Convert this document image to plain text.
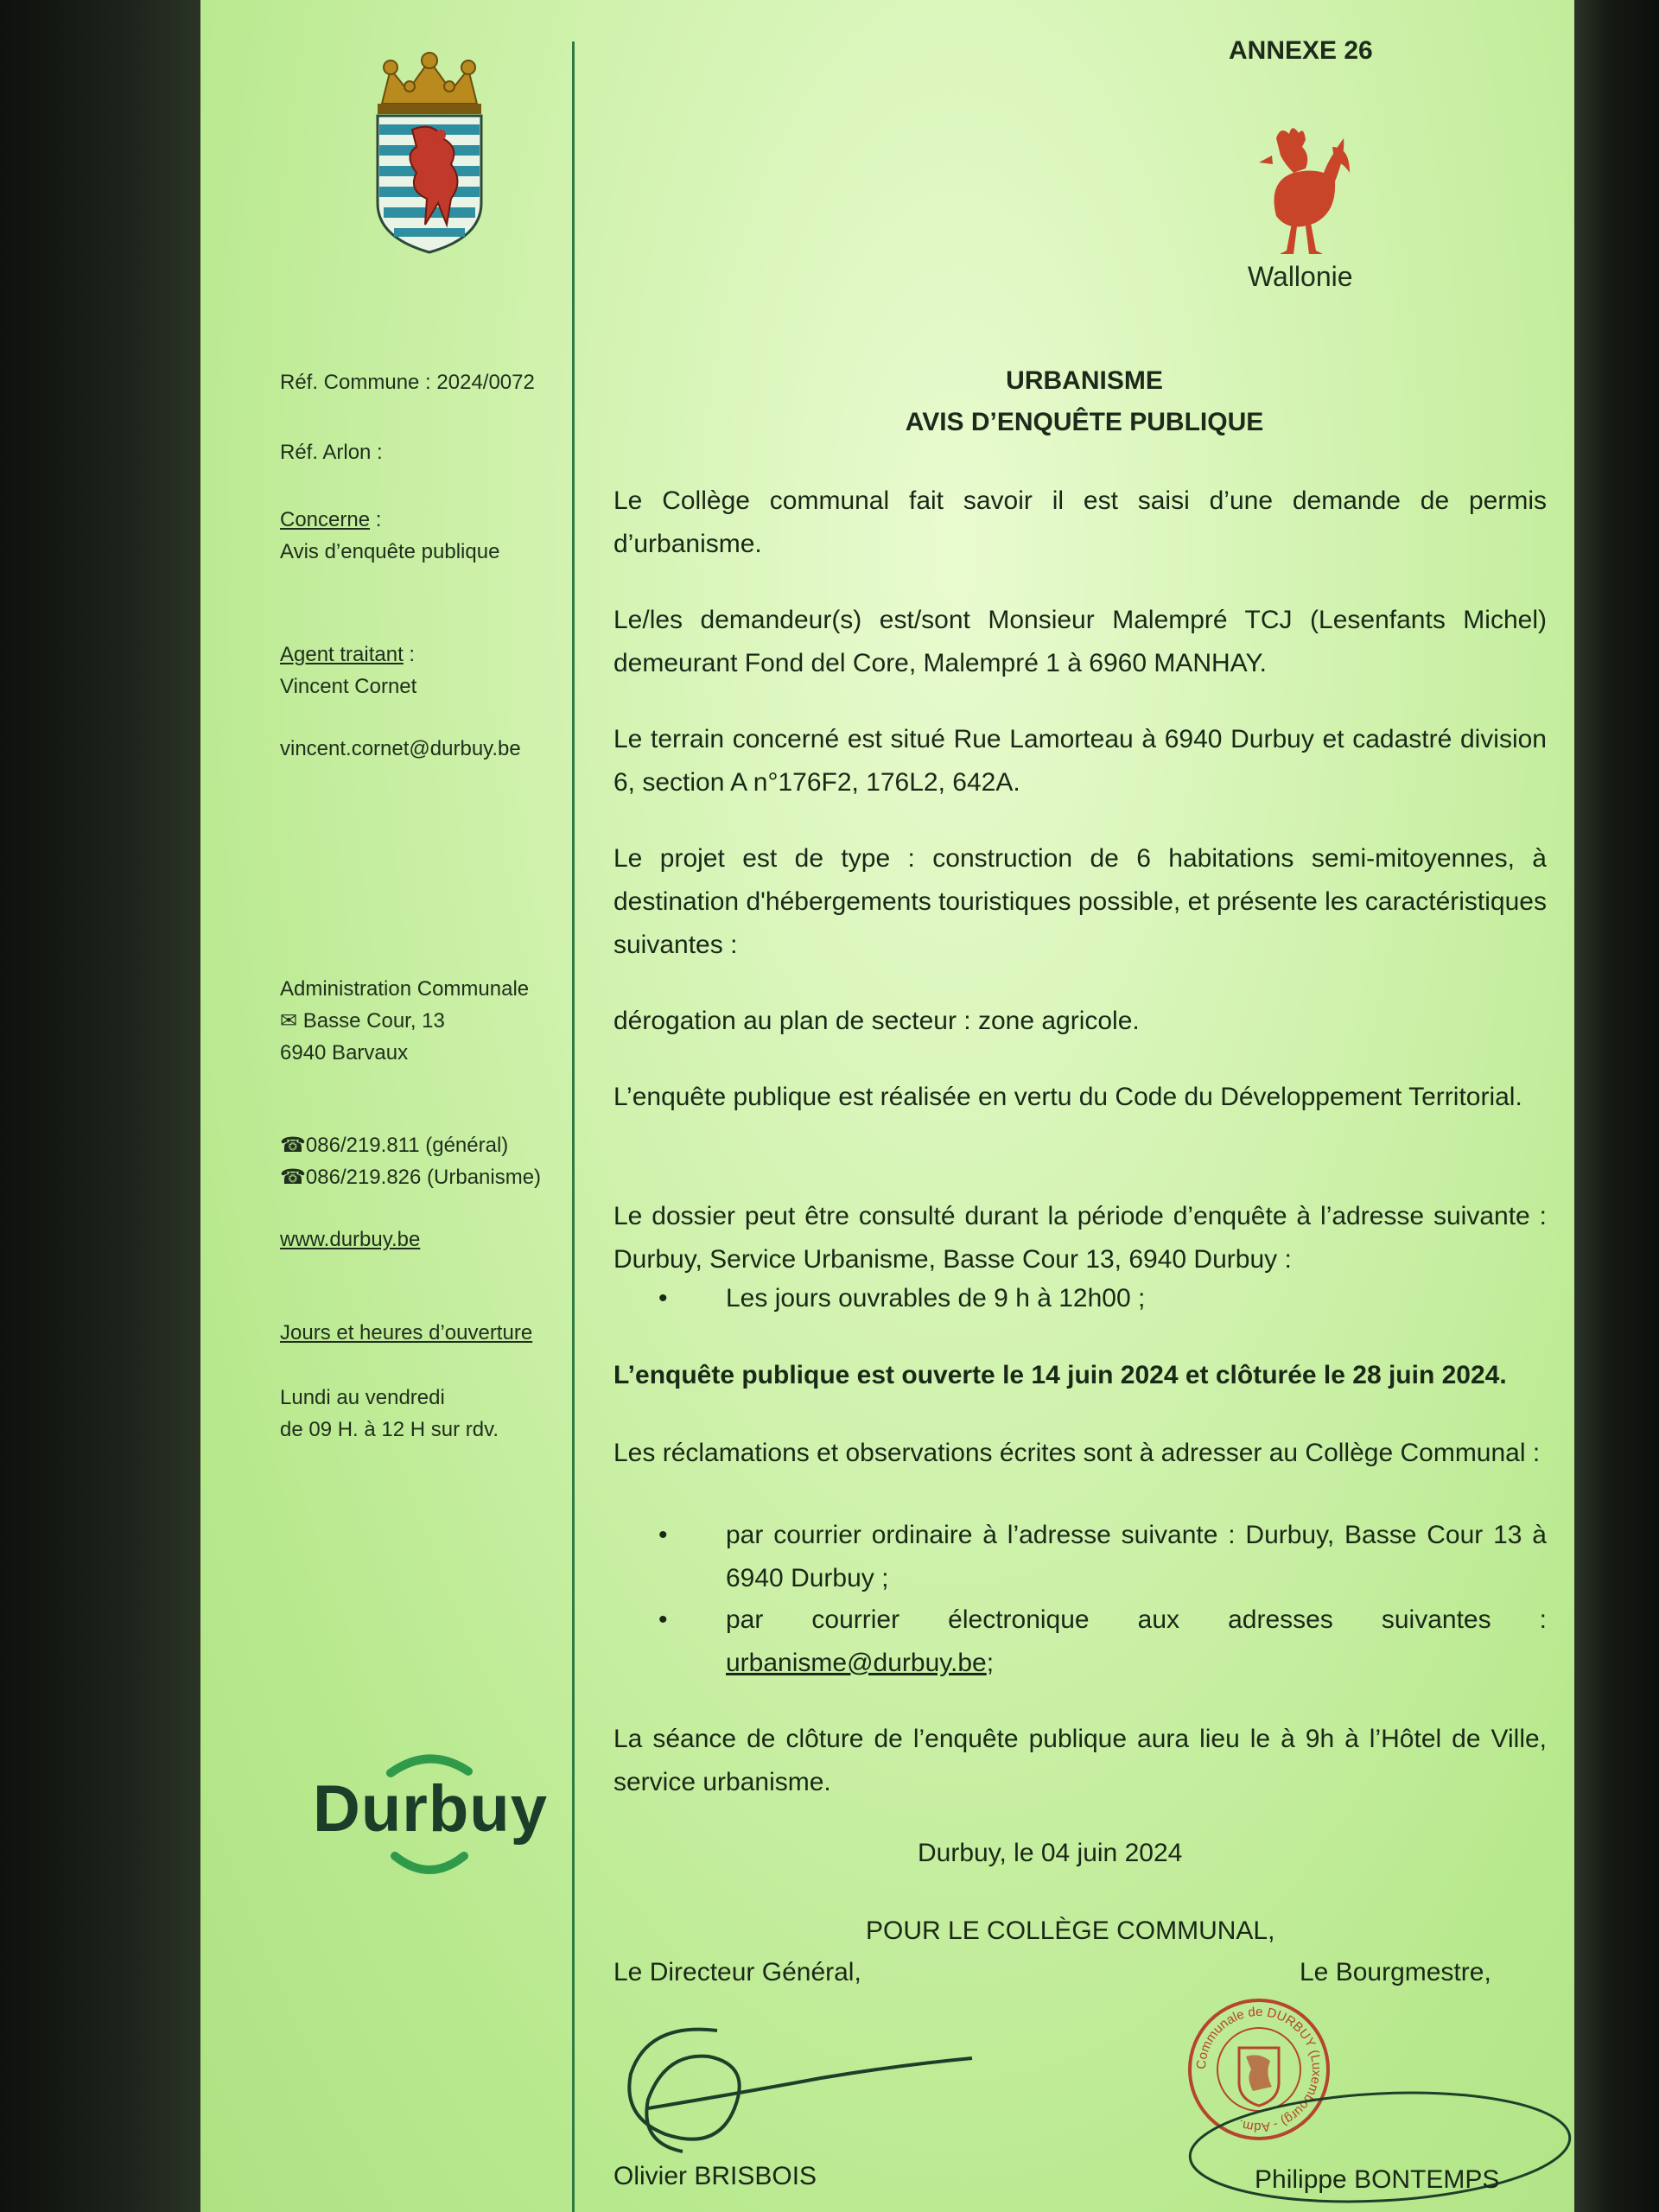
Réf. Commune : 2024/0072
Réf. Arlon :
Concerne :
Avis d’enquête publique
Agent traitant :
Vincent Cornet
vincent.cornet@durbuy.be
Administration Communale
✉ Basse Cour, 13
6940 Barvaux
☎086/219.811 (général)
☎086/219.826 (Urbanisme)
www.durbuy.be
Jours et heures d’ouverture
Lundi au vendredi
de 09 H. à 12 H sur rdv.
Durbuy
ANNEXE 26
Wallonie
URBANISME
AVIS D’ENQUÊTE PUBLIQUE

Le Collège communal fait savoir il est saisi d’une demande de permis d’urbanisme.

Le/les demandeur(s) est/sont Monsieur Malempré TCJ (Lesenfants Michel) demeurant Fond del Core, Malempré 1 à 6960 MANHAY.

Le terrain concerné est situé Rue Lamorteau à 6940 Durbuy et cadastré division 6, section A n°176F2, 176L2, 642A.

Le projet est de type : construction de 6 habitations semi-mitoyennes, à destination d'hébergements touristiques possible, et présente les caractéristiques suivantes :

dérogation au plan de secteur : zone agricole.

L’enquête publique est réalisée en vertu du Code du Développement Territorial.

Le dossier peut être consulté durant la période d’enquête à l’adresse suivante : Durbuy, Service Urbanisme, Basse Cour 13, 6940 Durbuy :

• Les jours ouvrables de 9 h à 12h00 ;

L’enquête publique est ouverte le 14 juin 2024 et clôturée le 28 juin 2024.

Les réclamations et observations écrites sont à adresser au Collège Communal :

• par courrier ordinaire à l’adresse suivante : Durbuy, Basse Cour 13 à 6940 Durbuy ;
• par courrier électronique aux adresses suivantes : urbanisme@durbuy.be;

La séance de clôture de l’enquête publique aura lieu le à 9h à l’Hôtel de Ville, service urbanisme.

Durbuy, le 04 juin 2024
POUR LE COLLÈGE COMMUNAL,
Le Directeur Général,	Le Bourgmestre,
Communale de DURBUY (Luxembourg) - Adm.
Olivier BRISBOIS	Philippe BONTEMPS
